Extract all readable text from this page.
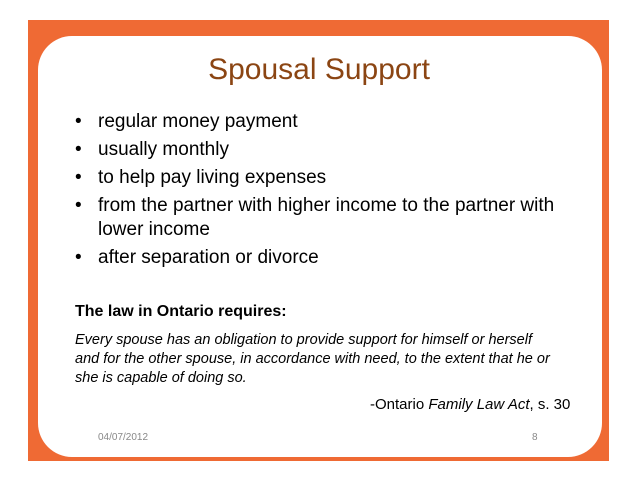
Spousal Support
• regular money payment
• usually monthly
• to help pay living expenses
• from the partner with higher income to the partner with lower income
• after separation or divorce
The law in Ontario requires:
Every spouse has an obligation to provide support for himself or herself and for the other spouse, in accordance with need, to the extent that he or she is capable of doing so.
-Ontario Family Law Act, s. 30
04/07/2012	8
